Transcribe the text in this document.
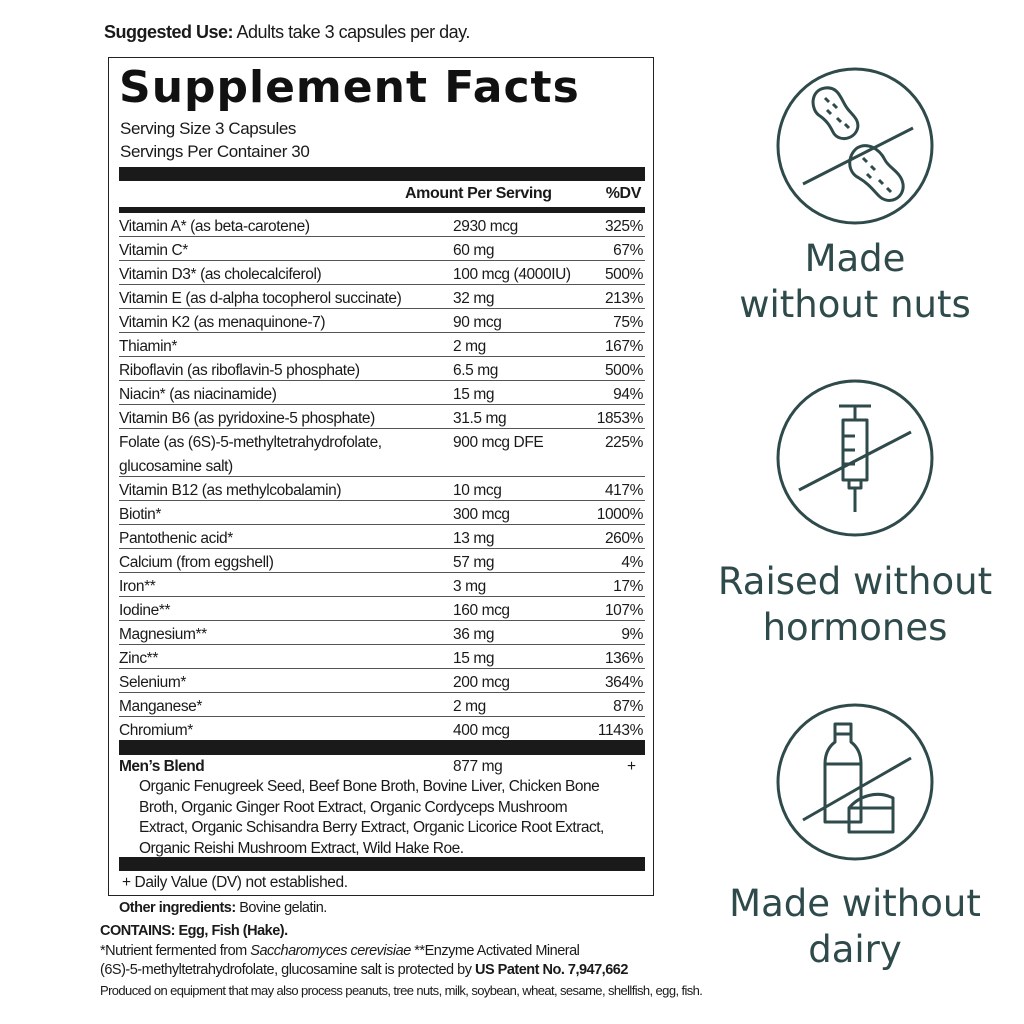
Suggested Use: Adults take 3 capsules per day.
Supplement Facts
Serving Size 3 Capsules
Servings Per Container 30
Amount Per Serving	%DV
Vitamin A* (as beta-carotene)	2930 mcg	325%
Vitamin C*	60 mg	67%
Vitamin D3* (as cholecalciferol)	100 mcg (4000IU) 500%
Vitamin E (as d-alpha tocopherol succinate)	32 mg	213%
Vitamin K2 (as menaquinone-7)	90 mcg	75%
Thiamin*	2 mg	167%
Riboflavin (as riboflavin-5 phosphate)	6.5 mg	500%
Niacin* (as niacinamide)	15 mg	94%
Vitamin B6 (as pyridoxine-5 phosphate)	31.5 mg	1853%
Folate (as (6S)-5-methyltetrahydrofolate, glucosamine salt)
900 mcg DFE	225%
Vitamin B12 (as methylcobalamin)	10 mcg	417%
Biotin*	300 mcg	1000%
Pantothenic acid*	13 mg	260%
Calcium (from eggshell)	57 mg	4%
Iron**	3 mg	17%
Iodine**	160 mcg	107%
Magnesium**	36 mg	9%
Zinc**	15 mg	136%
Selenium*	200 mcg	364%
Manganese*	2 mg	87%
Chromium*	400 mcg	1143%
Men’s Blend	877 mg	+
Organic Fenugreek Seed, Beef Bone Broth, Bovine Liver, Chicken Bone Broth, Organic Ginger Root Extract, Organic Cordyceps Mushroom Extract, Organic Schisandra Berry Extract, Organic Licorice Root Extract, Organic Reishi Mushroom Extract, Wild Hake Roe.
+ Daily Value (DV) not established.
Other ingredients: Bovine gelatin.
CONTAINS: Egg, Fish (Hake).
*Nutrient fermented from Saccharomyces cerevisiae **Enzyme Activated Mineral
(6S)-5-methyltetrahydrofolate, glucosamine salt is protected by US Patent No. 7,947,662
Produced on equipment that may also process peanuts, tree nuts, milk, soybean, wheat, sesame, shellfish, egg, fish.
Made
without nuts
Raised without
hormones
Made without
dairy
